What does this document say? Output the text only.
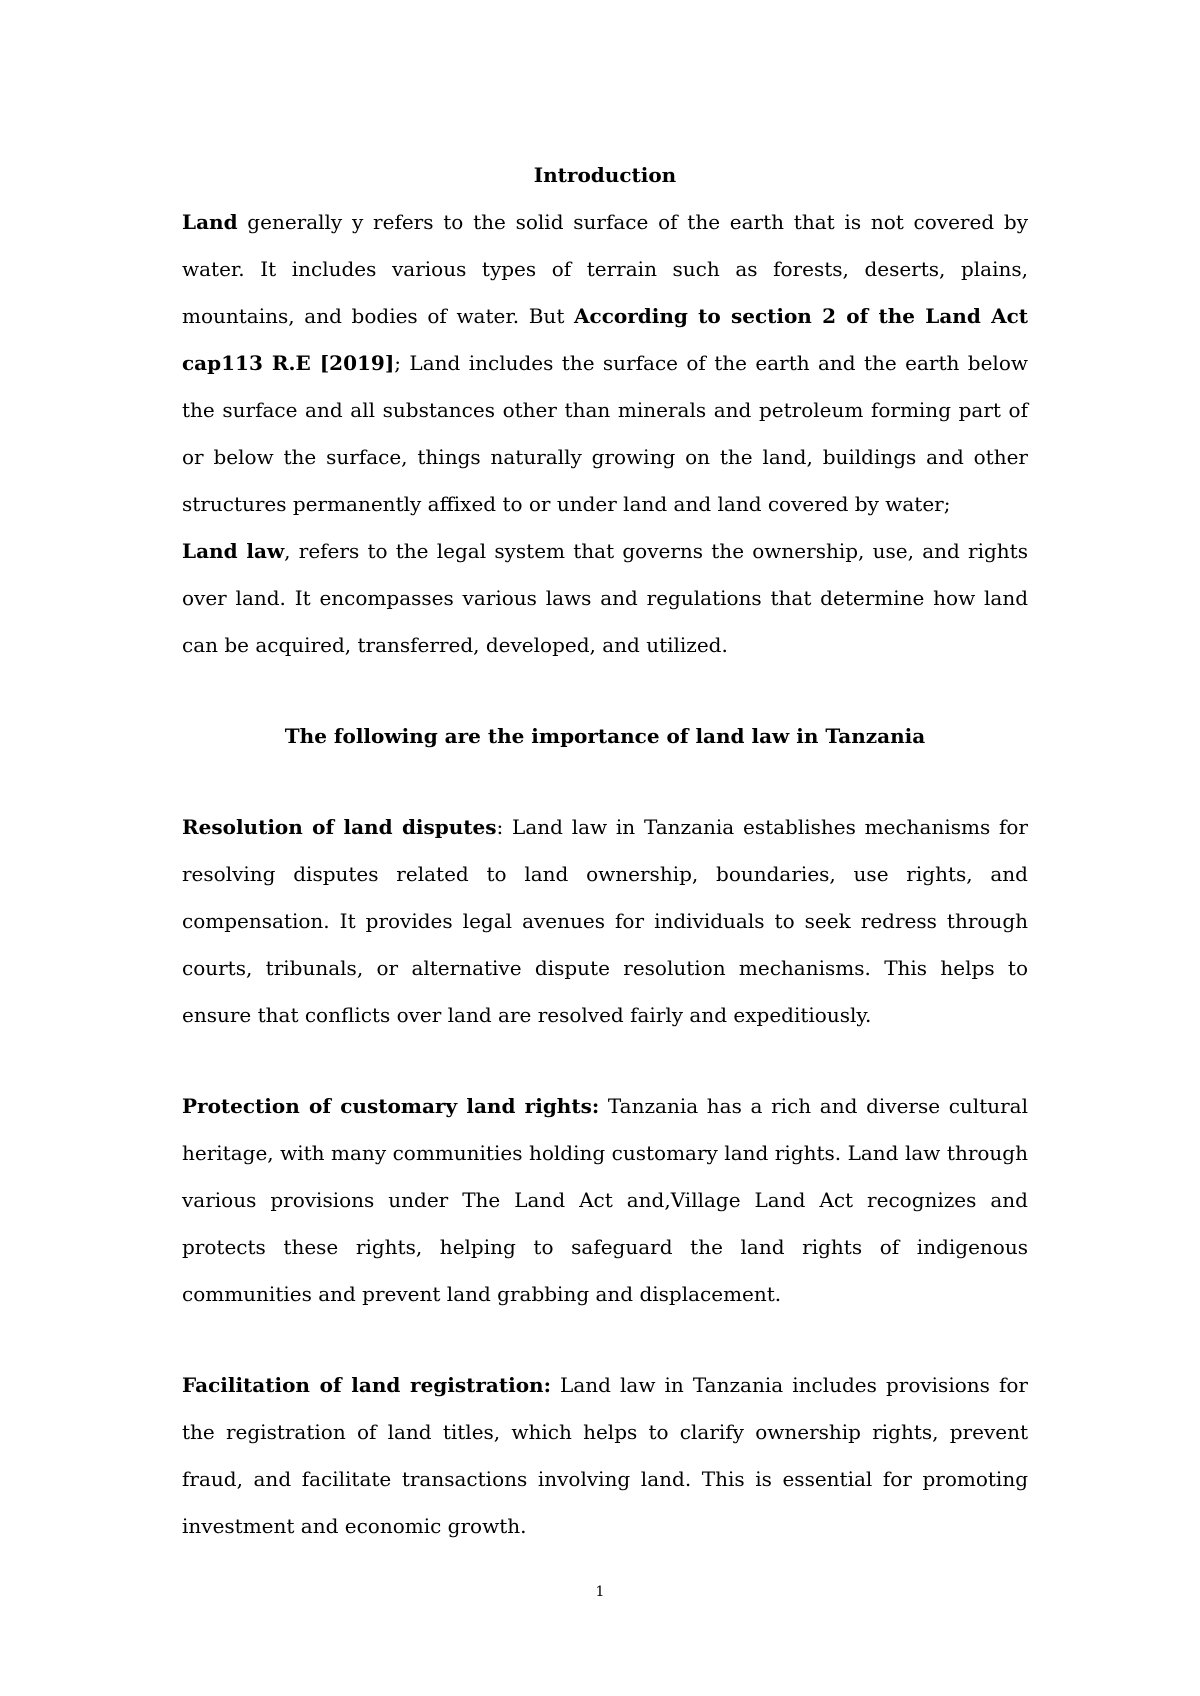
Introduction

Land generally y refers to the solid surface of the earth that is not covered by water. It includes various types of terrain such as forests, deserts, plains, mountains, and bodies of water. But According to section 2 of the Land Act cap113 R.E [2019]; Land includes the surface of the earth and the earth below the surface and all substances other than minerals and petroleum forming part of or below the surface, things naturally growing on the land, buildings and other structures permanently affixed to or under land and land covered by water;

Land law, refers to the legal system that governs the ownership, use, and rights over land. It encompasses various laws and regulations that determine how land can be acquired, transferred, developed, and utilized.

The following are the importance of land law in Tanzania

Resolution of land disputes: Land law in Tanzania establishes mechanisms for resolving disputes related to land ownership, boundaries, use rights, and compensation. It provides legal avenues for individuals to seek redress through courts, tribunals, or alternative dispute resolution mechanisms. This helps to ensure that conflicts over land are resolved fairly and expeditiously.

Protection of customary land rights: Tanzania has a rich and diverse cultural heritage, with many communities holding customary land rights. Land law through various provisions under The Land Act and,Village Land Act recognizes and protects these rights, helping to safeguard the land rights of indigenous communities and prevent land grabbing and displacement.

Facilitation of land registration: Land law in Tanzania includes provisions for the registration of land titles, which helps to clarify ownership rights, prevent fraud, and facilitate transactions involving land. This is essential for promoting investment and economic growth.

1
